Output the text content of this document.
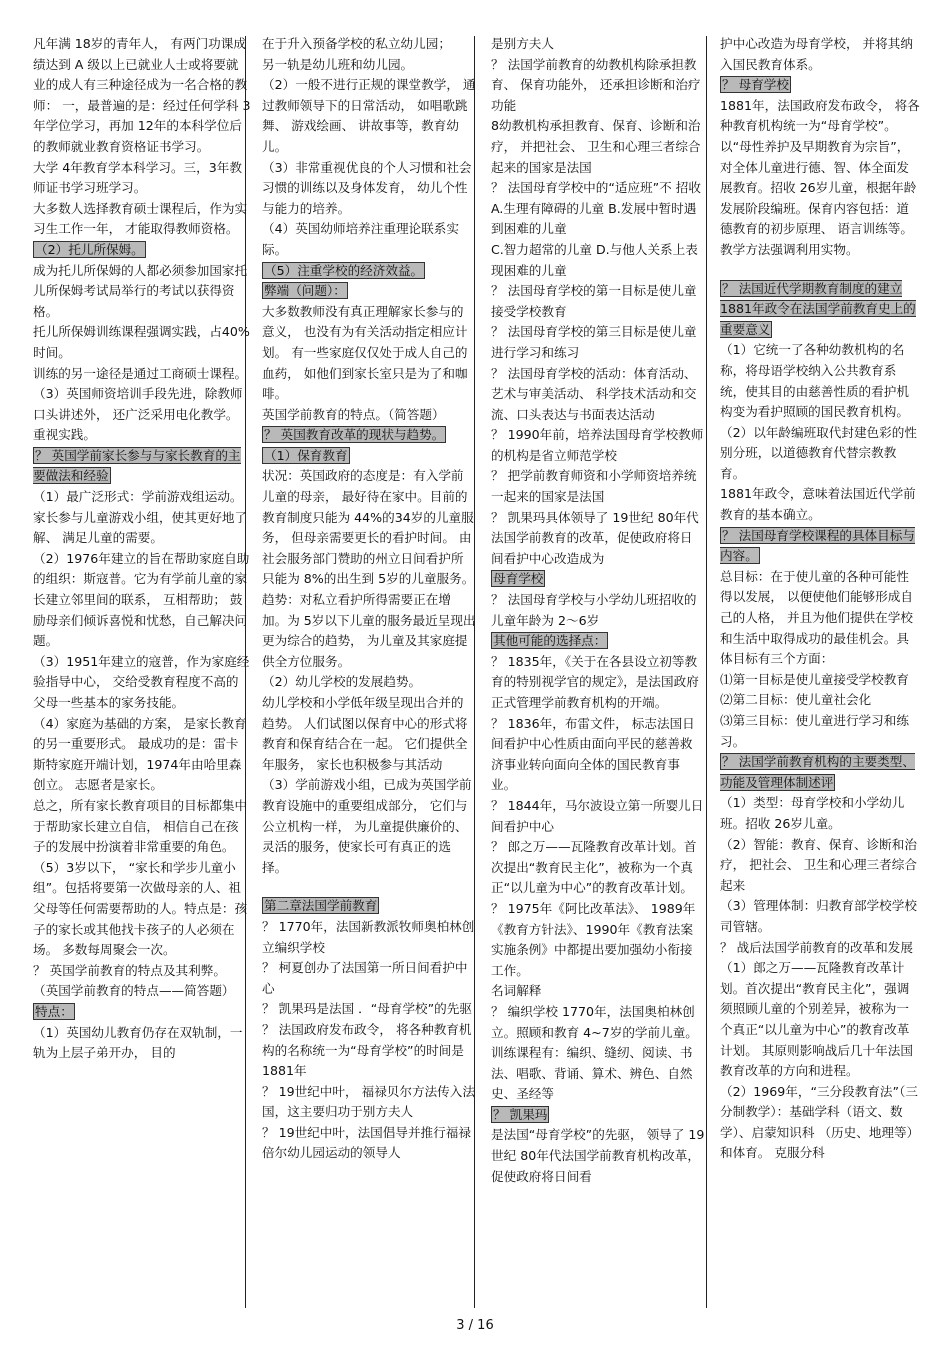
凡年满 18岁的青年人， 有两门功课成绩达到 A 级以上已就业人士或将要就业的成人有三种途径成为一名合格的教师： 一，最普遍的是：经过任何学科 3年学位学习，再加 12年的本科学位后的教师就业教育资格证书学习。

大学 4年教育学本科学习。三，3年教师证书学习班学习。

大多数人选择教育硕士课程后，作为实习生工作一年， 才能取得教师资格。

（2）托儿所保姆。

成为托儿所保姆的人都必须参加国家托儿所保姆考试局举行的考试以获得资格。

托儿所保姆训练课程强调实践，占40%时间。

训练的另一途径是通过工商硕士课程。

（3）英国师资培训手段先进，除教师口头讲述外， 还广泛采用电化教学。重视实践。

？ 英国学前家长参与与家长教育的主要做法和经验

（1）最广泛形式：学前游戏组运动。家长参与儿童游戏小组，使其更好地了解、 满足儿童的需要。

（2）1976年建立的旨在帮助家庭自助的组织：斯寇普。它为有学前儿童的家长建立邻里间的联系， 互相帮助； 鼓励母亲们倾诉喜悦和忧愁，自己解决问题。

（3）1951年建立的寇普，作为家庭经验指导中心， 交给受教育程度不高的父母一些基本的家务技能。

（4）家庭为基础的方案， 是家长教育的另一重要形式。 最成功的是：雷卡斯特家庭开端计划，1974年由哈里森创立。 志愿者是家长。

总之，所有家长教育项目的目标都集中于帮助家长建立自信， 相信自己在孩子的发展中扮演着非常重要的角色。

（5）3岁以下， “家长和学步儿童小组”。包括将要第一次做母亲的人、祖父母等任何需要帮助的人。特点是：孩子的家长或其他找卡孩子的人必须在场。 多数每周聚会一次。

？ 英国学前教育的特点及其利弊。

（英国学前教育的特点——简答题）

特点：

（1）英国幼儿教育仍存在双轨制，一轨为上层子弟开办， 目的

在于升入预备学校的私立幼儿园；

另一轨是幼儿班和幼儿园。

（2）一般不进行正规的课堂教学， 通过教师领导下的日常活动， 如唱歌跳舞、 游戏绘画、 讲故事等，教育幼儿。

（3）非常重视优良的个人习惯和社会习惯的训练以及身体发育， 幼儿个性与能力的培养。

（4）英国幼师培养注重理论联系实际。

（5）注重学校的经济效益。

弊端（问题）：

大多数教师没有真正理解家长参与的意义， 也没有为有关活动指定相应计划。 有一些家庭仅仅处于成人自己的血药， 如他们到家长室只是为了和咖啡。

英国学前教育的特点。（简答题）

？ 英国教育改革的现状与趋势。

（1）保育教育

状况：英国政府的态度是：有入学前儿童的母亲， 最好待在家中。目前的教育制度只能为 44%的34岁的儿童服务， 但母亲需要更长的看护时间。 由社会服务部门赞助的州立日间看护所只能为 8%的出生到 5岁的儿童服务。

趋势：对私立看护所得需要正在增加。为 5岁以下儿童的服务最近呈现出更为综合的趋势， 为儿童及其家庭提供全方位服务。

（2）幼儿学校的发展趋势。

幼儿学校和小学低年级呈现出合并的趋势。 人们试图以保育中心的形式将教育和保育结合在一起。 它们提供全年服务， 家长也积极参与其活动

（3）学前游戏小组，已成为英国学前教育设施中的重要组成部分， 它们与公立机构一样， 为儿童提供廉价的、灵活的服务，使家长可有真正的选择。

第二章法国学前教育

？ 1770年，法国新教派牧师奥柏林创立编织学校

？ 柯夏创办了法国第一所日间看护中心

？ 凯果玛是法国 ．“母育学校”的先驱

？ 法国政府发布政令， 将各种教育机构的名称统一为“母育学校”的时间是 1881年

？ 19世纪中叶， 福禄贝尔方法传入法国，这主要归功于别方夫人

？ 19世纪中叶，法国倡导并推行福禄倍尔幼儿园运动的领导人

是别方夫人

？ 法国学前教育的幼教机构除承担教育、 保育功能外， 还承担诊断和治疗功能

8幼教机构承担教育、保育、诊断和治疗， 并把社会、 卫生和心理三者综合起来的国家是法国

？ 法国母育学校中的“适应班”不 招收 A.生理有障碍的儿童 B.发展中暂时遇到困难的儿童

C.智力超常的儿童 D.与他人关系上表现困难的儿童

？ 法国母育学校的第一目标是使儿童接受学校教育

？ 法国母育学校的第三目标是使儿童进行学习和练习

？ 法国母育学校的活动：体育活动、艺术与审美活动、 科学技术活动和交流、口头表达与书面表达活动

？ 1990年前，培养法国母育学校教师的机构是省立师范学校

？ 把学前教育师资和小学师资培养统一起来的国家是法国

？ 凯果玛具体领导了 19世纪 80年代法国学前教育的改革，促使政府将日间看护中心改造成为

母育学校

？ 法国母育学校与小学幼儿班招收的儿童年龄为 2～6岁

其他可能的选择点：

？ 1835年，《关于在各县设立初等教育的特别视学官的规定》，是法国政府正式管理学前教育机构的开端。

？ 1836年，布雷文件， 标志法国日间看护中心性质由面向平民的慈善救济事业转向面向全体的国民教育事业。

？ 1844年，马尔波设立第一所婴儿日间看护中心

？ 郎之万——瓦隆教育改革计划。首次提出“教育民主化”，被称为一个真正“以儿童为中心”的教育改革计划。

？ 1975年《阿比改革法》、 1989年《教育方针法》、1990年《教育法案实施条例》中都提出要加强幼小衔接工作。

名词解释

？ 编织学校 1770年，法国奥柏林创立。照顾和教育 4~7岁的学前儿童。训练课程有：编织、缝纫、阅读、书法、唱歌、背诵、算术、辨色、自然史、圣经等

？ 凯果玛

是法国“母育学校”的先驱， 领导了 19世纪 80年代法国学前教育机构改革，促使政府将日间看

护中心改造为母育学校， 并将其纳入国民教育体系。

？ 母育学校

1881年，法国政府发布政令， 将各种教育机构统一为“母育学校”。以“母性养护及早期教育为宗旨”，对全体儿童进行德、智、体全面发展教育。招收 26岁儿童，根据年龄发展阶段编班。保育内容包括：道德教育的初步原理、 语言训练等。 教学方法强调利用实物。

？ 法国近代学期教育制度的建立1881年政令在法国学前教育史上的重要意义

（1）它统一了各种幼教机构的名称，将母语学校纳入公共教育系统，使其目的由慈善性质的看护机构变为看护照顾的国民教育机构。

（2）以年龄编班取代封建色彩的性别分班，以道德教育代替宗教教育。

1881年政令，意味着法国近代学前教育的基本确立。

？ 法国母育学校课程的具体目标与内容。

总目标：在于使儿童的各种可能性得以发展， 以便使他们能够形成自己的人格， 并且为他们提供在学校和生活中取得成功的最佳机会。具体目标有三个方面：

⑴第一目标是使儿童接受学校教育

⑵第二目标：使儿童社会化

⑶第三目标：使儿童进行学习和练习。

？ 法国学前教育机构的主要类型、功能及管理体制述评

（1）类型：母育学校和小学幼儿班。招收 26岁儿童。

（2）智能：教育、保育、诊断和治疗， 把社会、 卫生和心理三者综合起来

（3）管理体制：归教育部学校学校司管辖。

？ 战后法国学前教育的改革和发展

（1）郎之万——瓦隆教育改革计划。首次提出“教育民主化”，强调须照顾儿童的个别差异，被称为一个真正“以儿童为中心”的教育改革计划。 其原则影响战后几十年法国教育改革的方向和进程。

（2）1969年，“三分段教育法”（三分制教学）：基础学科（语文、数学）、启蒙知识科 （历史、地理等） 和体育。 克服分科

3 / 16
